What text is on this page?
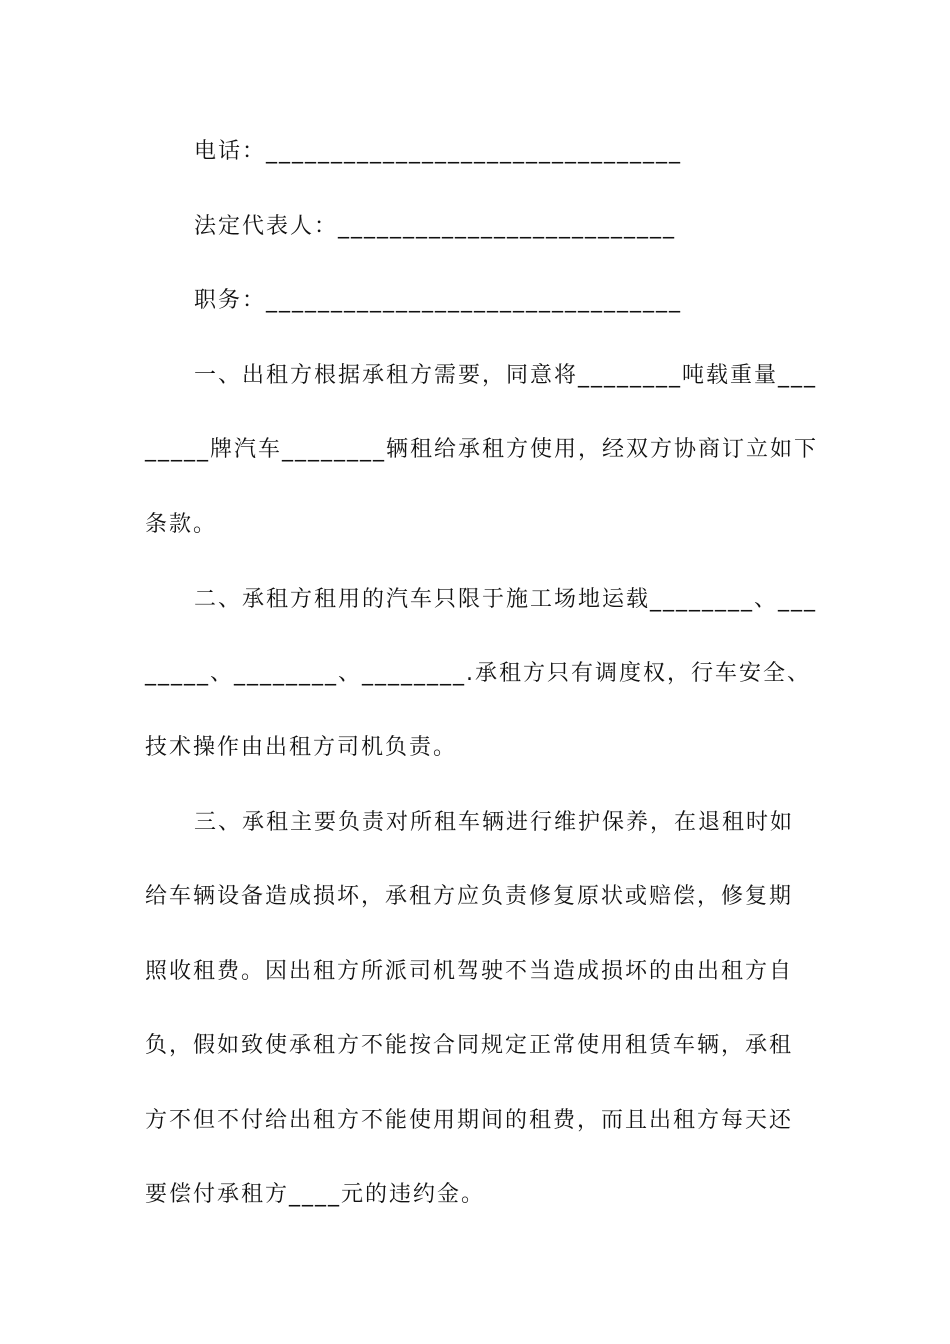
电话：________________________________
法定代表人：__________________________
职务：________________________________
一、出租方根据承租方需要，同意将________吨载重量___
_____牌汽车________辆租给承租方使用，经双方协商订立如下
条款。
二、承租方租用的汽车只限于施工场地运载________、___
_____、________、________.承租方只有调度权，行车安全、
技术操作由出租方司机负责。
三、承租主要负责对所租车辆进行维护保养，在退租时如
给车辆设备造成损坏，承租方应负责修复原状或赔偿，修复期
照收租费。因出租方所派司机驾驶不当造成损坏的由出租方自
负，假如致使承租方不能按合同规定正常使用租赁车辆，承租
方不但不付给出租方不能使用期间的租费，而且出租方每天还
要偿付承租方____元的违约金。
